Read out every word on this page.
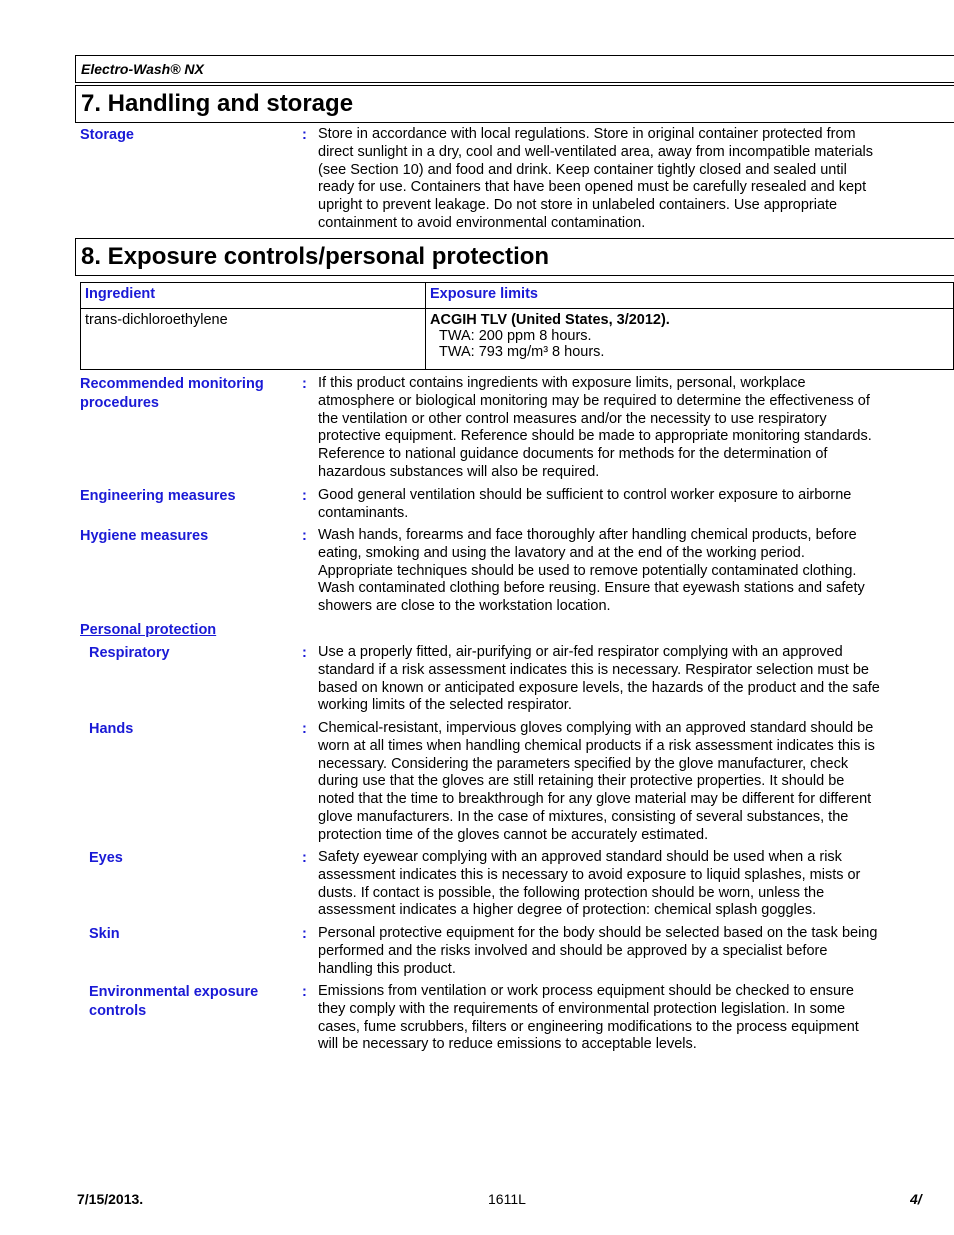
Electro-Wash® NX
7. Handling and storage
Storage	: Store in accordance with local regulations. Store in original container protected from
direct sunlight in a dry, cool and well-ventilated area, away from incompatible materials
(see Section 10) and food and drink. Keep container tightly closed and sealed until
ready for use. Containers that have been opened must be carefully resealed and kept
upright to prevent leakage. Do not store in unlabeled containers. Use appropriate
containment to avoid environmental contamination.
8. Exposure controls/personal protection
Ingredient	Exposure limits
trans-dichloroethylene	ACGIH TLV (United States, 3/2012).
TWA: 200 ppm 8 hours.
TWA: 793 mg/m³ 8 hours.
Recommended monitoring
procedures
: If this product contains ingredients with exposure limits, personal, workplace
atmosphere or biological monitoring may be required to determine the effectiveness of
the ventilation or other control measures and/or the necessity to use respiratory
protective equipment. Reference should be made to appropriate monitoring standards.
Reference to national guidance documents for methods for the determination of
hazardous substances will also be required.
Engineering measures	: Good general ventilation should be sufficient to control worker exposure to airborne
contaminants.
Hygiene measures	: Wash hands, forearms and face thoroughly after handling chemical products, before
eating, smoking and using the lavatory and at the end of the working period.
Appropriate techniques should be used to remove potentially contaminated clothing.
Wash contaminated clothing before reusing. Ensure that eyewash stations and safety
showers are close to the workstation location.
Personal protection
Respiratory	: Use a properly fitted, air-purifying or air-fed respirator complying with an approved
standard if a risk assessment indicates this is necessary. Respirator selection must be
based on known or anticipated exposure levels, the hazards of the product and the safe
working limits of the selected respirator.
Hands	: Chemical-resistant, impervious gloves complying with an approved standard should be
worn at all times when handling chemical products if a risk assessment indicates this is
necessary. Considering the parameters specified by the glove manufacturer, check
during use that the gloves are still retaining their protective properties. It should be
noted that the time to breakthrough for any glove material may be different for different
glove manufacturers. In the case of mixtures, consisting of several substances, the
protection time of the gloves cannot be accurately estimated.
Eyes	: Safety eyewear complying with an approved standard should be used when a risk
assessment indicates this is necessary to avoid exposure to liquid splashes, mists or
dusts. If contact is possible, the following protection should be worn, unless the
assessment indicates a higher degree of protection: chemical splash goggles.
Skin	: Personal protective equipment for the body should be selected based on the task being
performed and the risks involved and should be approved by a specialist before
handling this product.
Environmental exposure
controls
: Emissions from ventilation or work process equipment should be checked to ensure
they comply with the requirements of environmental protection legislation. In some
cases, fume scrubbers, filters or engineering modifications to the process equipment
will be necessary to reduce emissions to acceptable levels.
7/15/2013.	1611L	4/
